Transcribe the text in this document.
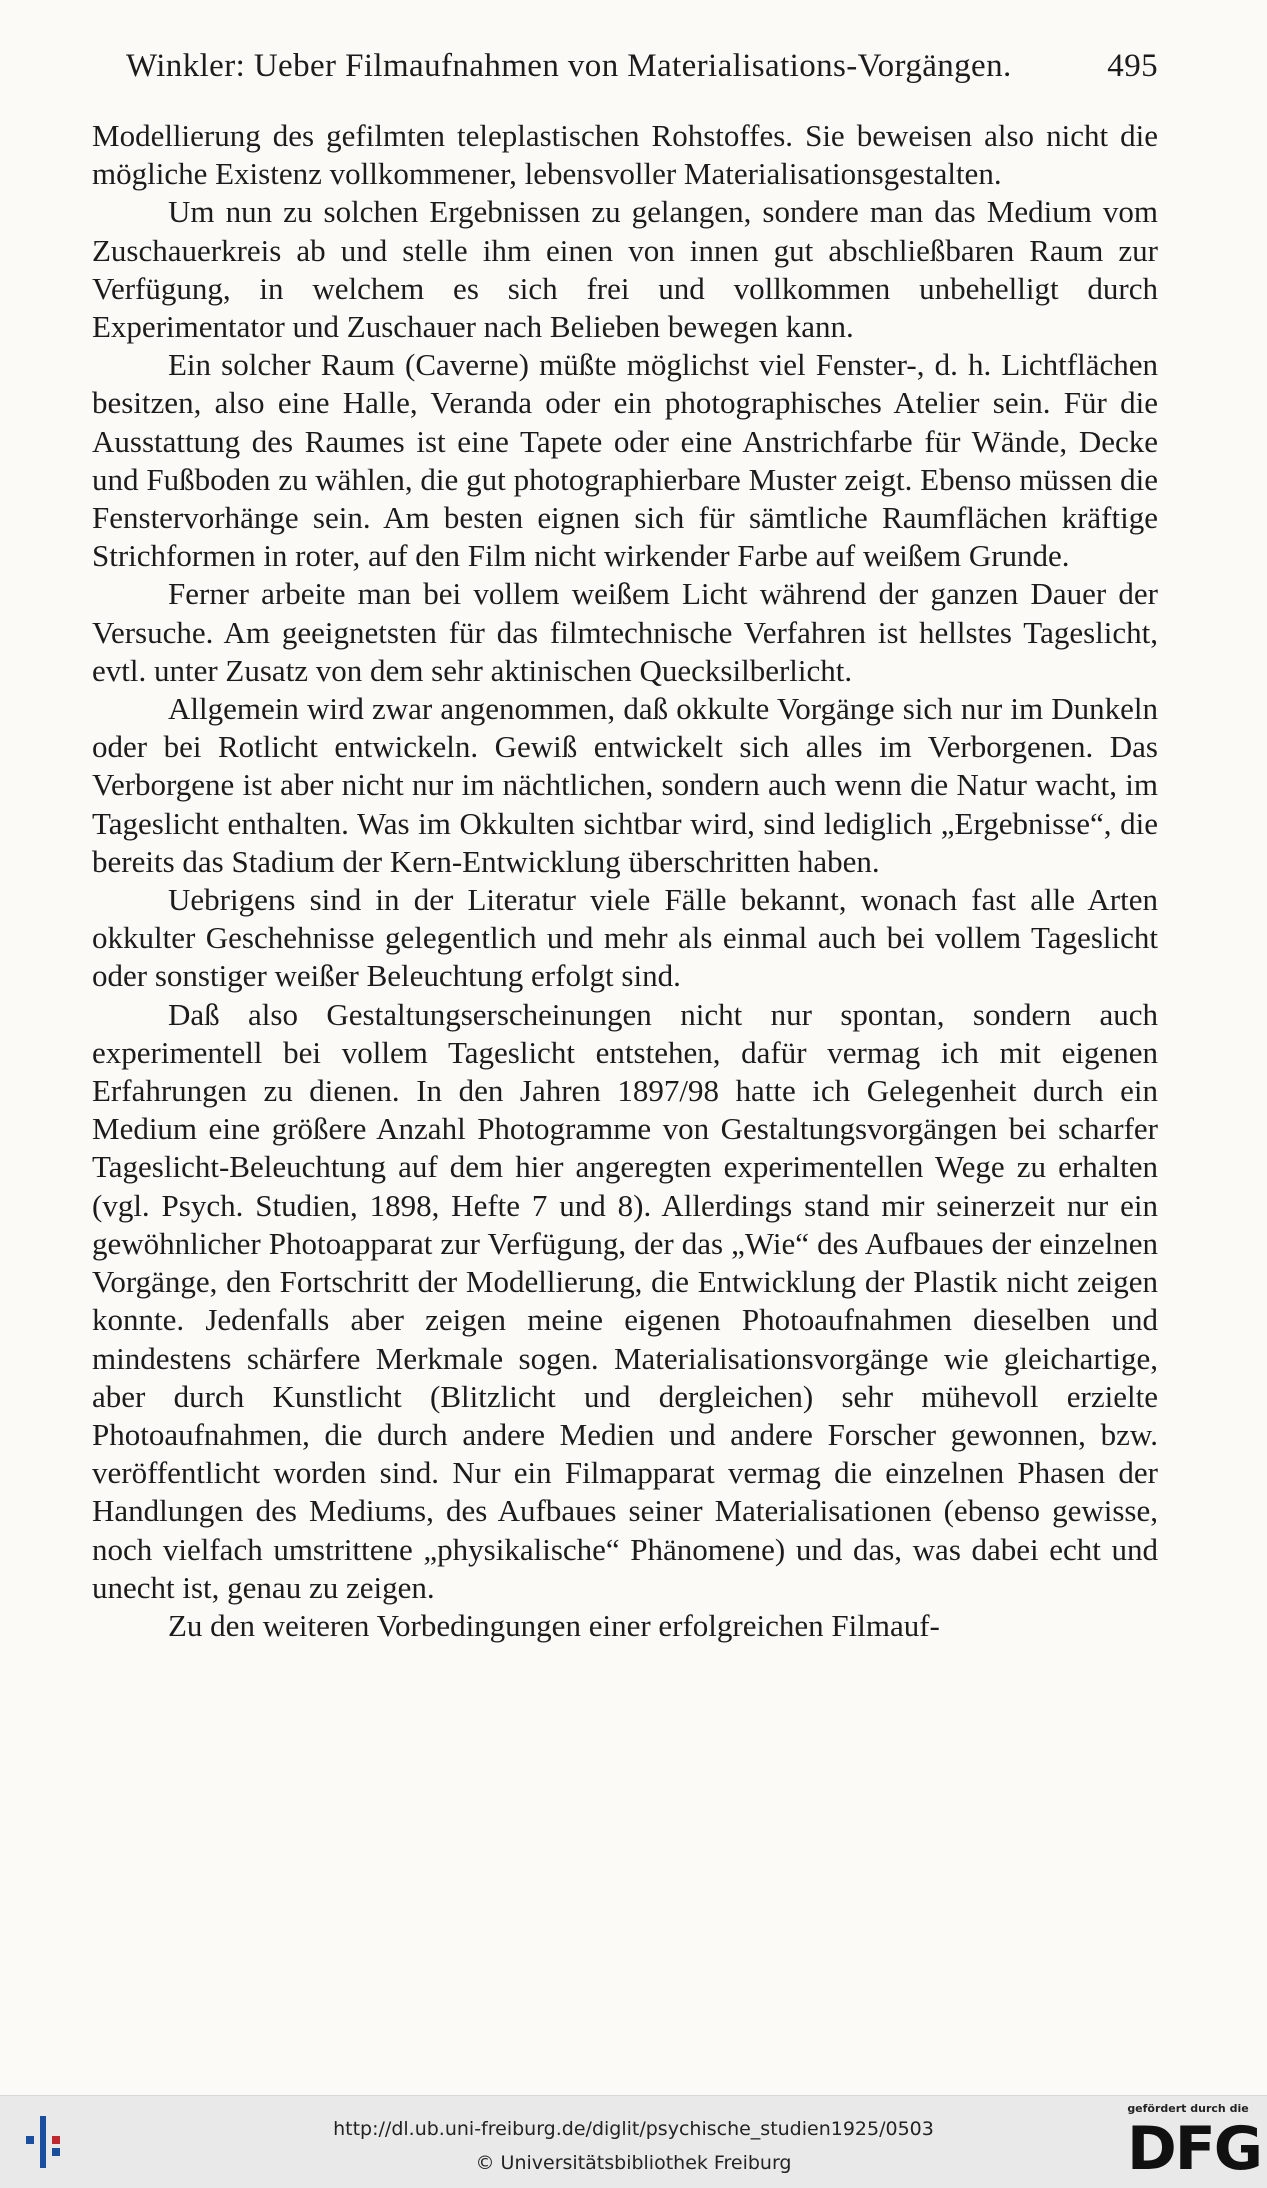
Winkler: Ueber Filmaufnahmen von Materialisations-Vorgängen.	495

Modellierung des gefilmten teleplastischen Rohstoffes. Sie beweisen also nicht die mögliche Existenz vollkommener, lebensvoller Materialisationsgestalten.

Um nun zu solchen Ergebnissen zu gelangen, sondere man das Medium vom Zuschauerkreis ab und stelle ihm einen von innen gut abschließbaren Raum zur Verfügung, in welchem es sich frei und vollkommen unbehelligt durch Experimentator und Zuschauer nach Belieben bewegen kann.

Ein solcher Raum (Caverne) müßte möglichst viel Fenster-, d. h. Lichtflächen besitzen, also eine Halle, Veranda oder ein photographisches Atelier sein. Für die Ausstattung des Raumes ist eine Tapete oder eine Anstrichfarbe für Wände, Decke und Fußboden zu wählen, die gut photographierbare Muster zeigt. Ebenso müssen die Fenstervorhänge sein. Am besten eignen sich für sämtliche Raumflächen kräftige Strichformen in roter, auf den Film nicht wirkender Farbe auf weißem Grunde.

Ferner arbeite man bei vollem weißem Licht während der ganzen Dauer der Versuche. Am geeignetsten für das filmtechnische Verfahren ist hellstes Tageslicht, evtl. unter Zusatz von dem sehr aktinischen Quecksilberlicht.

Allgemein wird zwar angenommen, daß okkulte Vorgänge sich nur im Dunkeln oder bei Rotlicht entwickeln. Gewiß entwickelt sich alles im Verborgenen. Das Verborgene ist aber nicht nur im nächtlichen, sondern auch wenn die Natur wacht, im Tageslicht enthalten. Was im Okkulten sichtbar wird, sind lediglich „Ergebnisse“, die bereits das Stadium der Kern-Entwicklung überschritten haben.

Uebrigens sind in der Literatur viele Fälle bekannt, wonach fast alle Arten okkulter Geschehnisse gelegentlich und mehr als einmal auch bei vollem Tageslicht oder sonstiger weißer Beleuchtung erfolgt sind.

Daß also Gestaltungserscheinungen nicht nur spontan, sondern auch experimentell bei vollem Tageslicht entstehen, dafür vermag ich mit eigenen Erfahrungen zu dienen. In den Jahren 1897/98 hatte ich Gelegenheit durch ein Medium eine größere Anzahl Photogramme von Gestaltungsvorgängen bei scharfer Tageslicht-Beleuchtung auf dem hier angeregten experimentellen Wege zu erhalten (vgl. Psych. Studien, 1898, Hefte 7 und 8). Allerdings stand mir seinerzeit nur ein gewöhnlicher Photoapparat zur Verfügung, der das „Wie“ des Aufbaues der einzelnen Vorgänge, den Fortschritt der Modellierung, die Entwicklung der Plastik nicht zeigen konnte. Jedenfalls aber zeigen meine eigenen Photoaufnahmen dieselben und mindestens schärfere Merkmale sogen. Materialisationsvorgänge wie gleichartige, aber durch Kunstlicht (Blitzlicht und dergleichen) sehr mühevoll erzielte Photoaufnahmen, die durch andere Medien und andere Forscher gewonnen, bzw. veröffentlicht worden sind. Nur ein Filmapparat vermag die einzelnen Phasen der Handlungen des Mediums, des Aufbaues seiner Materialisationen (ebenso gewisse, noch vielfach umstrittene „physikalische“ Phänomene) und das, was dabei echt und unecht ist, genau zu zeigen.

Zu den weiteren Vorbedingungen einer erfolgreichen Filmauf-

http://dl.ub.uni-freiburg.de/diglit/psychische_studien1925/0503
© Universitätsbibliothek Freiburg
gefördert durch die
DFG
